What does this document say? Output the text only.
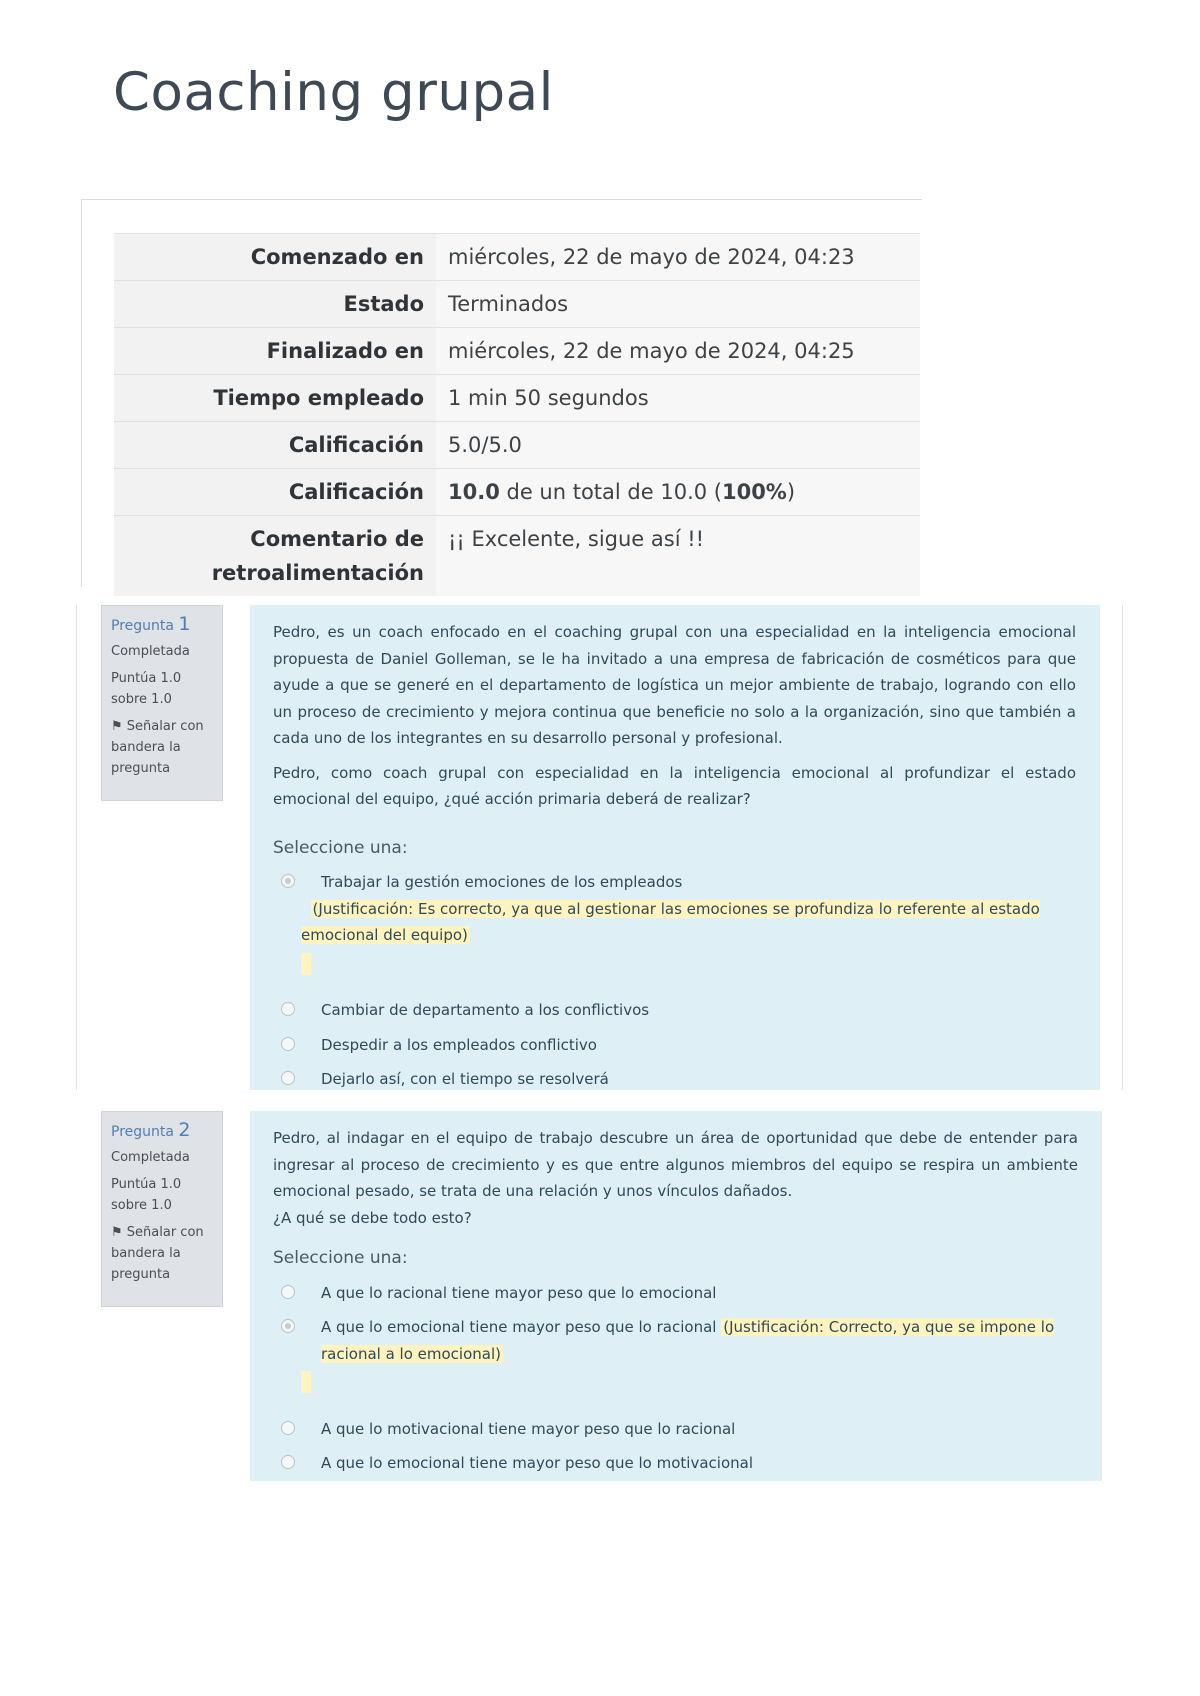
Coaching grupal
Comenzado en	miércoles, 22 de mayo de 2024, 04:23
Estado	Terminados
Finalizado en	miércoles, 22 de mayo de 2024, 04:25
Tiempo empleado	1 min 50 segundos
Calificación	5.0/5.0
Calificación	10.0 de un total de 10.0 (100%)
Comentario de retroalimentación	¡¡ Excelente, sigue así !!
Pregunta 1
Completada
Puntúa 1.0 sobre 1.0
⚑ Señalar con bandera la pregunta

Pedro, es un coach enfocado en el coaching grupal con una especialidad en la inteligencia emocional propuesta de Daniel Golleman, se le ha invitado a una empresa de fabricación de cosméticos para que ayude a que se generé en el departamento de logística un mejor ambiente de trabajo, logrando con ello un proceso de crecimiento y mejora continua que beneficie no solo a la organización, sino que también a cada uno de los integrantes en su desarrollo personal y profesional.

Pedro, como coach grupal con especialidad en la inteligencia emocional al profundizar el estado emocional del equipo, ¿qué acción primaria deberá de realizar?

Seleccione una:
Trabajar la gestión emociones de los empleados
(Justificación: Es correcto, ya que al gestionar las emociones se profundiza lo referente al estado emocional del equipo)
Cambiar de departamento a los conflictivos
Despedir a los empleados conflictivo
Dejarlo así, con el tiempo se resolverá
Pregunta 2
Completada
Puntúa 1.0 sobre 1.0
⚑ Señalar con bandera la pregunta

Pedro, al indagar en el equipo de trabajo descubre un área de oportunidad que debe de entender para ingresar al proceso de crecimiento y es que entre algunos miembros del equipo se respira un ambiente emocional pesado, se trata de una relación y unos vínculos dañados.

¿A qué se debe todo esto?

Seleccione una:
A que lo racional tiene mayor peso que lo emocional
A que lo emocional tiene mayor peso que lo racional (Justificación: Correcto, ya que se impone lo racional a lo emocional)

A que lo motivacional tiene mayor peso que lo racional
A que lo emocional tiene mayor peso que lo motivacional
